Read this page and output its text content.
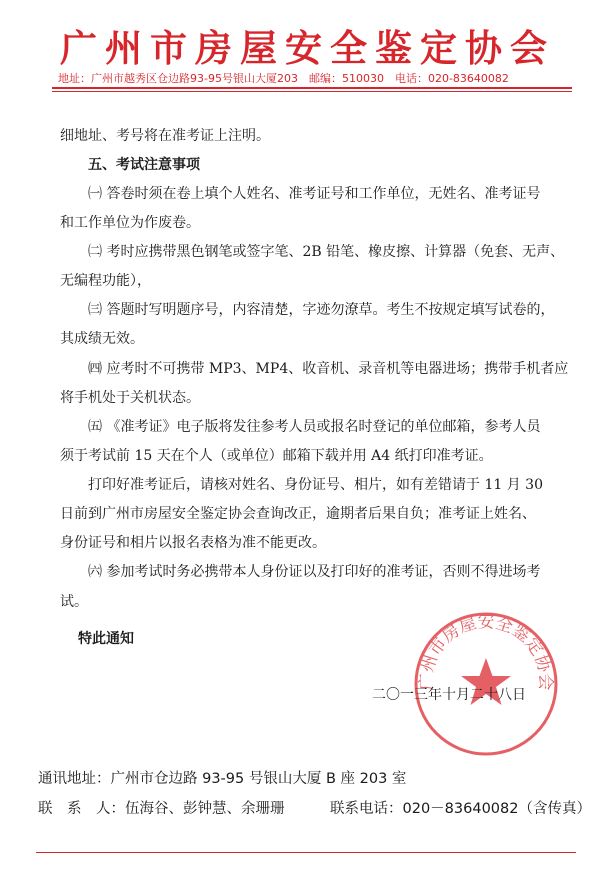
广州市房屋安全鉴定协会
地址：广州市越秀区仓边路93-95号银山大厦203　邮编：510030　电话：020-83640082

细地址、考号将在准考证上注明。

五、考试注意事项

㈠ 答卷时须在卷上填个人姓名、准考证号和工作单位，无姓名、准考证号

和工作单位为作废卷。

㈡ 考时应携带黑色钢笔或签字笔、2B 铅笔、橡皮擦、计算器（免套、无声、

无编程功能），

㈢ 答题时写明题序号，内容清楚，字迹勿潦草。考生不按规定填写试卷的，

其成绩无效。

㈣ 应考时不可携带 MP3、MP4、收音机、录音机等电器进场；携带手机者应

将手机处于关机状态。

㈤ 《准考证》电子版将发往参考人员或报名时登记的单位邮箱，参考人员

须于考试前 15 天在个人（或单位）邮箱下载并用 A4 纸打印准考证。

打印好准考证后，请核对姓名、身份证号、相片，如有差错请于 11 月 30

日前到广州市房屋安全鉴定协会查询改正，逾期者后果自负；准考证上姓名、

身份证号和相片以报名表格为准不能更改。

㈥ 参加考试时务必携带本人身份证以及打印好的准考证，否则不得进场考

试。

特此通知

广州市房屋安全鉴定协会

二〇一三年十月二十八日

通讯地址：广州市仓边路 93-95 号银山大厦 B 座 203 室
联　系　人：伍海谷、彭钟慧、余珊珊	联系电话：020－83640082（含传真）
